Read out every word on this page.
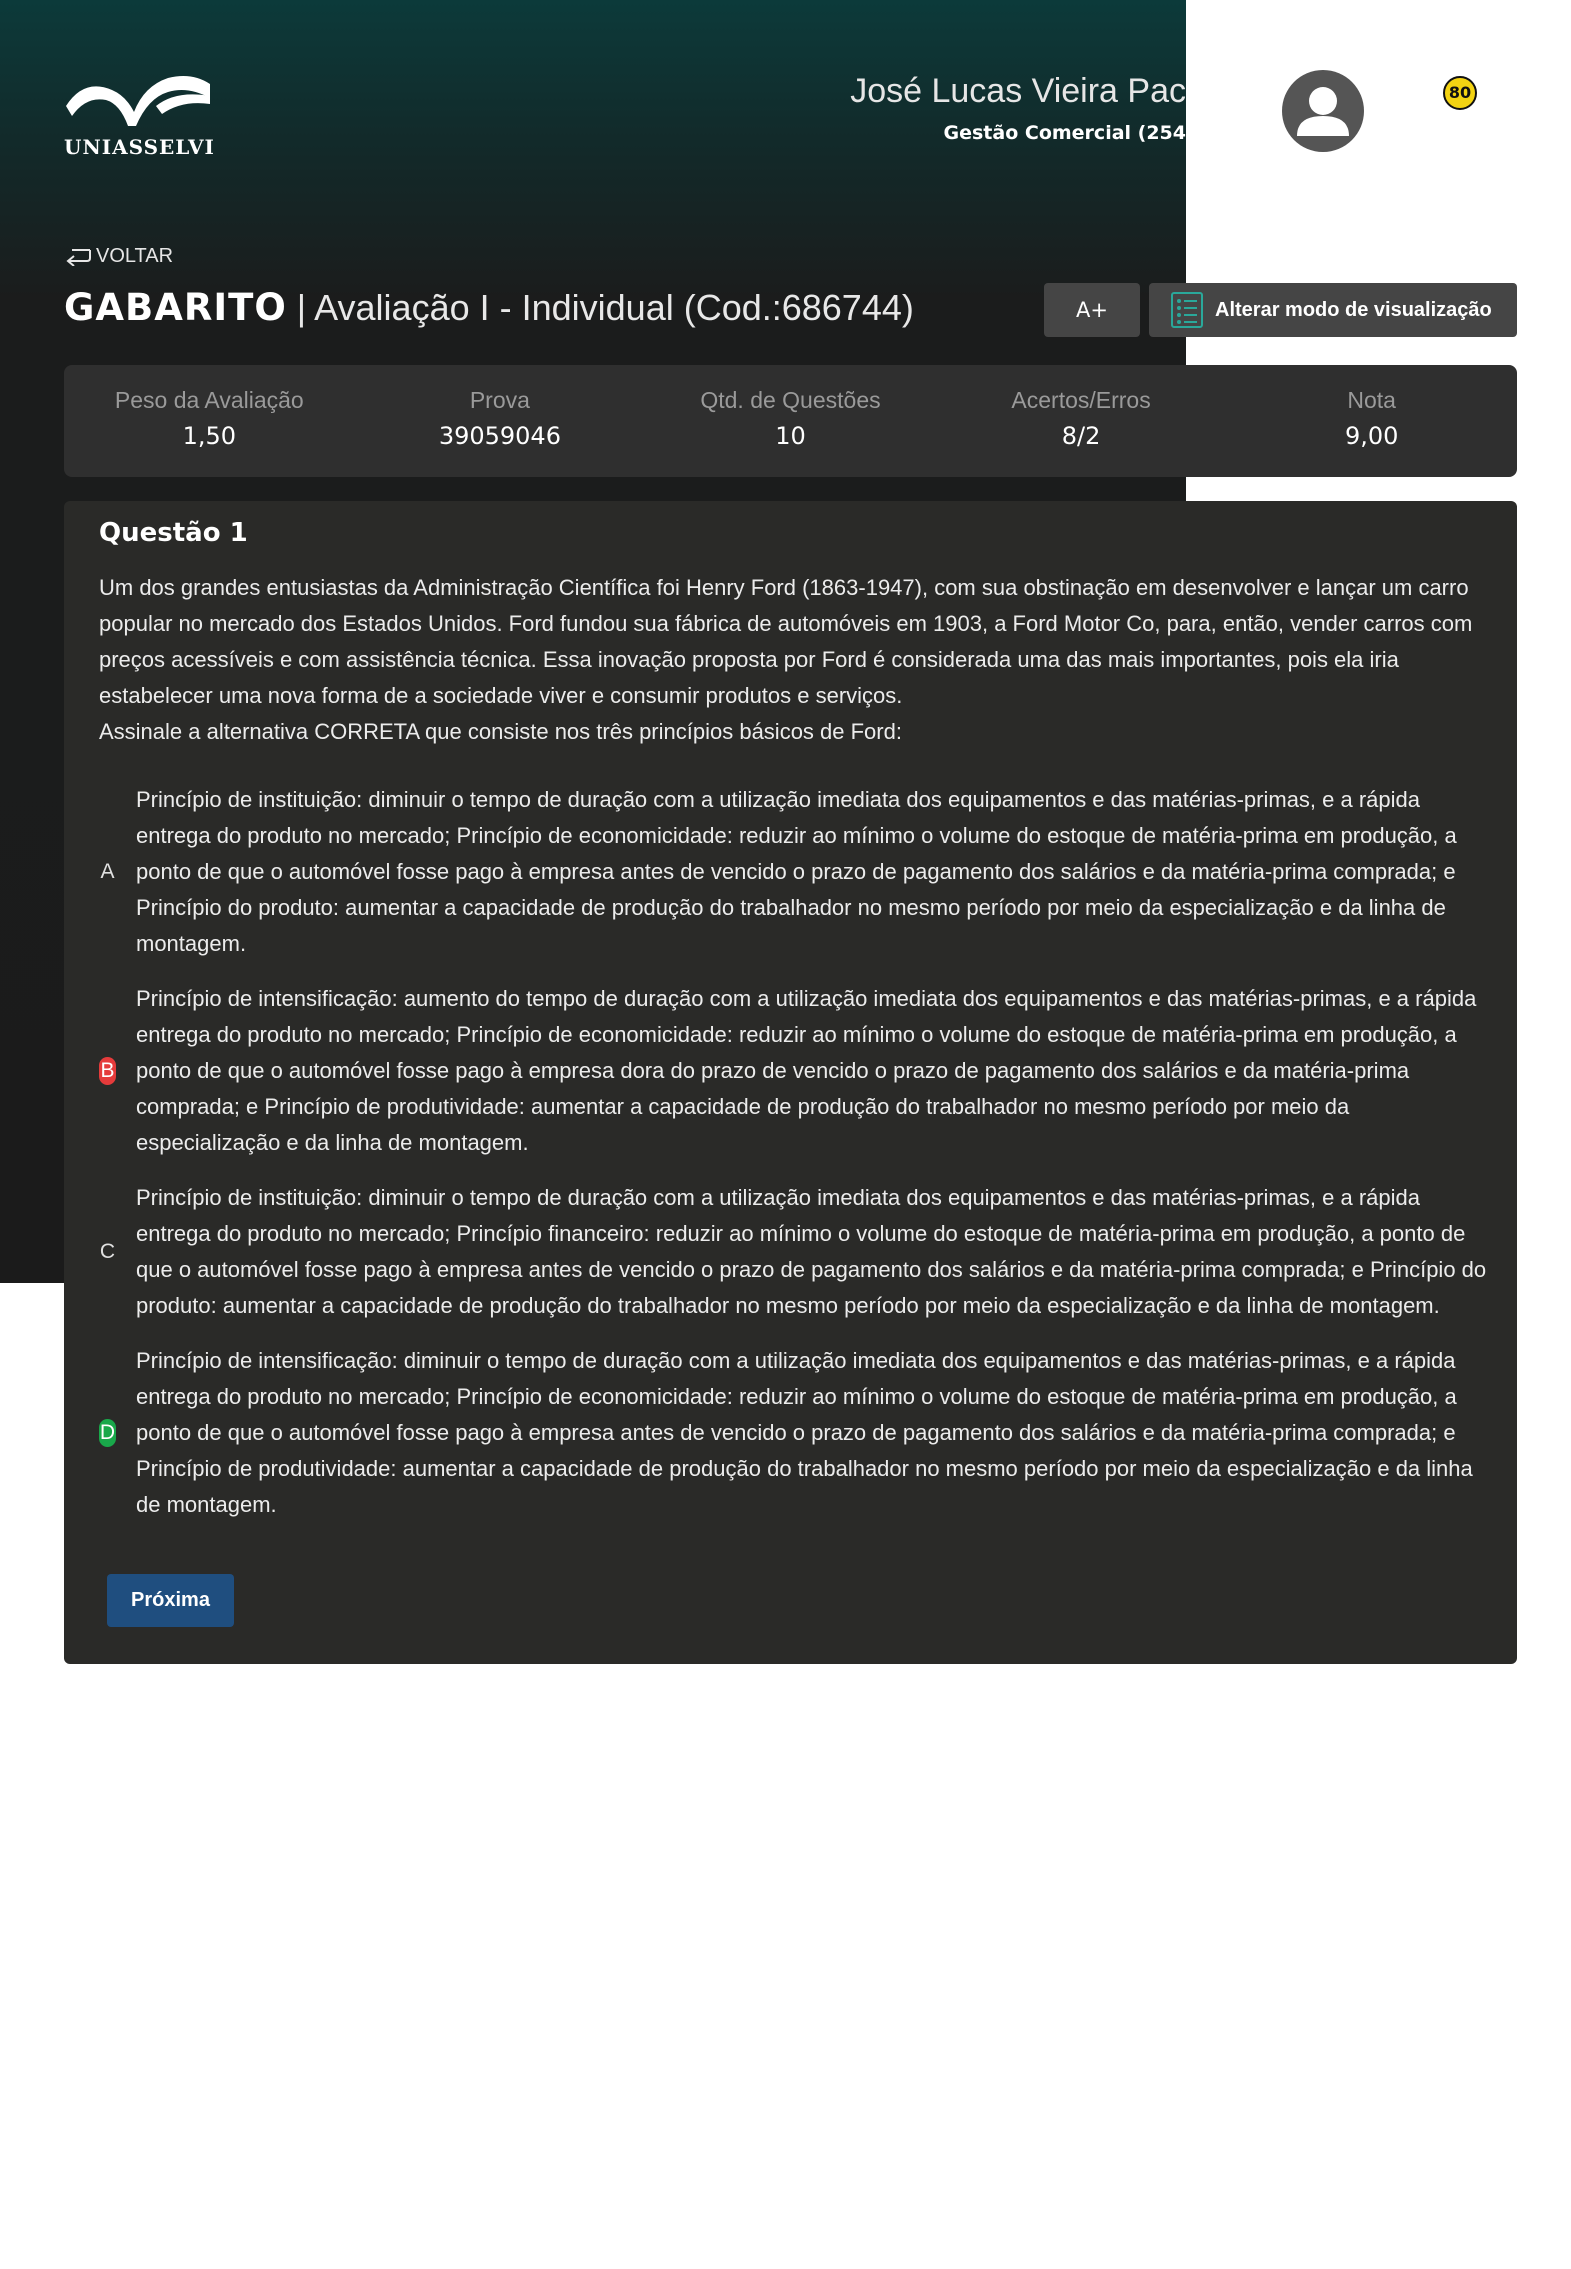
UNIASSELVI
José Lucas Vieira Pac
Gestão Comercial (254
80
VOLTAR
GABARITO | Avaliação I - Individual (Cod.:686744)	A+	Alterar modo de visualização
Peso da Avaliação
1,50
Prova
39059046
Qtd. de Questões
10
Acertos/Erros
8/2
Nota
9,00
Questão 1

Um dos grandes entusiastas da Administração Científica foi Henry Ford (1863-1947), com sua obstinação em desenvolver e lançar um carro popular no mercado dos Estados Unidos. Ford fundou sua fábrica de automóveis em 1903, a Ford Motor Co, para, então, vender carros com preços acessíveis e com assistência técnica. Essa inovação proposta por Ford é considerada uma das mais importantes, pois ela iria estabelecer uma nova forma de a sociedade viver e consumir produtos e serviços.

Assinale a alternativa CORRETA que consiste nos três princípios básicos de Ford:

A
Princípio de instituição: diminuir o tempo de duração com a utilização imediata dos equipamentos e das matérias-primas, e a rápida entrega do produto no mercado; Princípio de economicidade: reduzir ao mínimo o volume do estoque de matéria-prima em produção, a ponto de que o automóvel fosse pago à empresa antes de vencido o prazo de pagamento dos salários e da matéria-prima comprada; e Princípio do produto: aumentar a capacidade de produção do trabalhador no mesmo período por meio da especialização e da linha de montagem.
B
Princípio de intensificação: aumento do tempo de duração com a utilização imediata dos equipamentos e das matérias-primas, e a rápida entrega do produto no mercado; Princípio de economicidade: reduzir ao mínimo o volume do estoque de matéria-prima em produção, a ponto de que o automóvel fosse pago à empresa dora do prazo de vencido o prazo de pagamento dos salários e da matéria-prima comprada; e Princípio de produtividade: aumentar a capacidade de produção do trabalhador no mesmo período por meio da especialização e da linha de montagem.
C
Princípio de instituição: diminuir o tempo de duração com a utilização imediata dos equipamentos e das matérias-primas, e a rápida entrega do produto no mercado; Princípio financeiro: reduzir ao mínimo o volume do estoque de matéria-prima em produção, a ponto de que o automóvel fosse pago à empresa antes de vencido o prazo de pagamento dos salários e da matéria-prima comprada; e Princípio do produto: aumentar a capacidade de produção do trabalhador no mesmo período por meio da especialização e da linha de montagem.
D
Princípio de intensificação: diminuir o tempo de duração com a utilização imediata dos equipamentos e das matérias-primas, e a rápida entrega do produto no mercado; Princípio de economicidade: reduzir ao mínimo o volume do estoque de matéria-prima em produção, a ponto de que o automóvel fosse pago à empresa antes de vencido o prazo de pagamento dos salários e da matéria-prima comprada; e Princípio de produtividade: aumentar a capacidade de produção do trabalhador no mesmo período por meio da especialização e da linha de montagem.
Próxima
